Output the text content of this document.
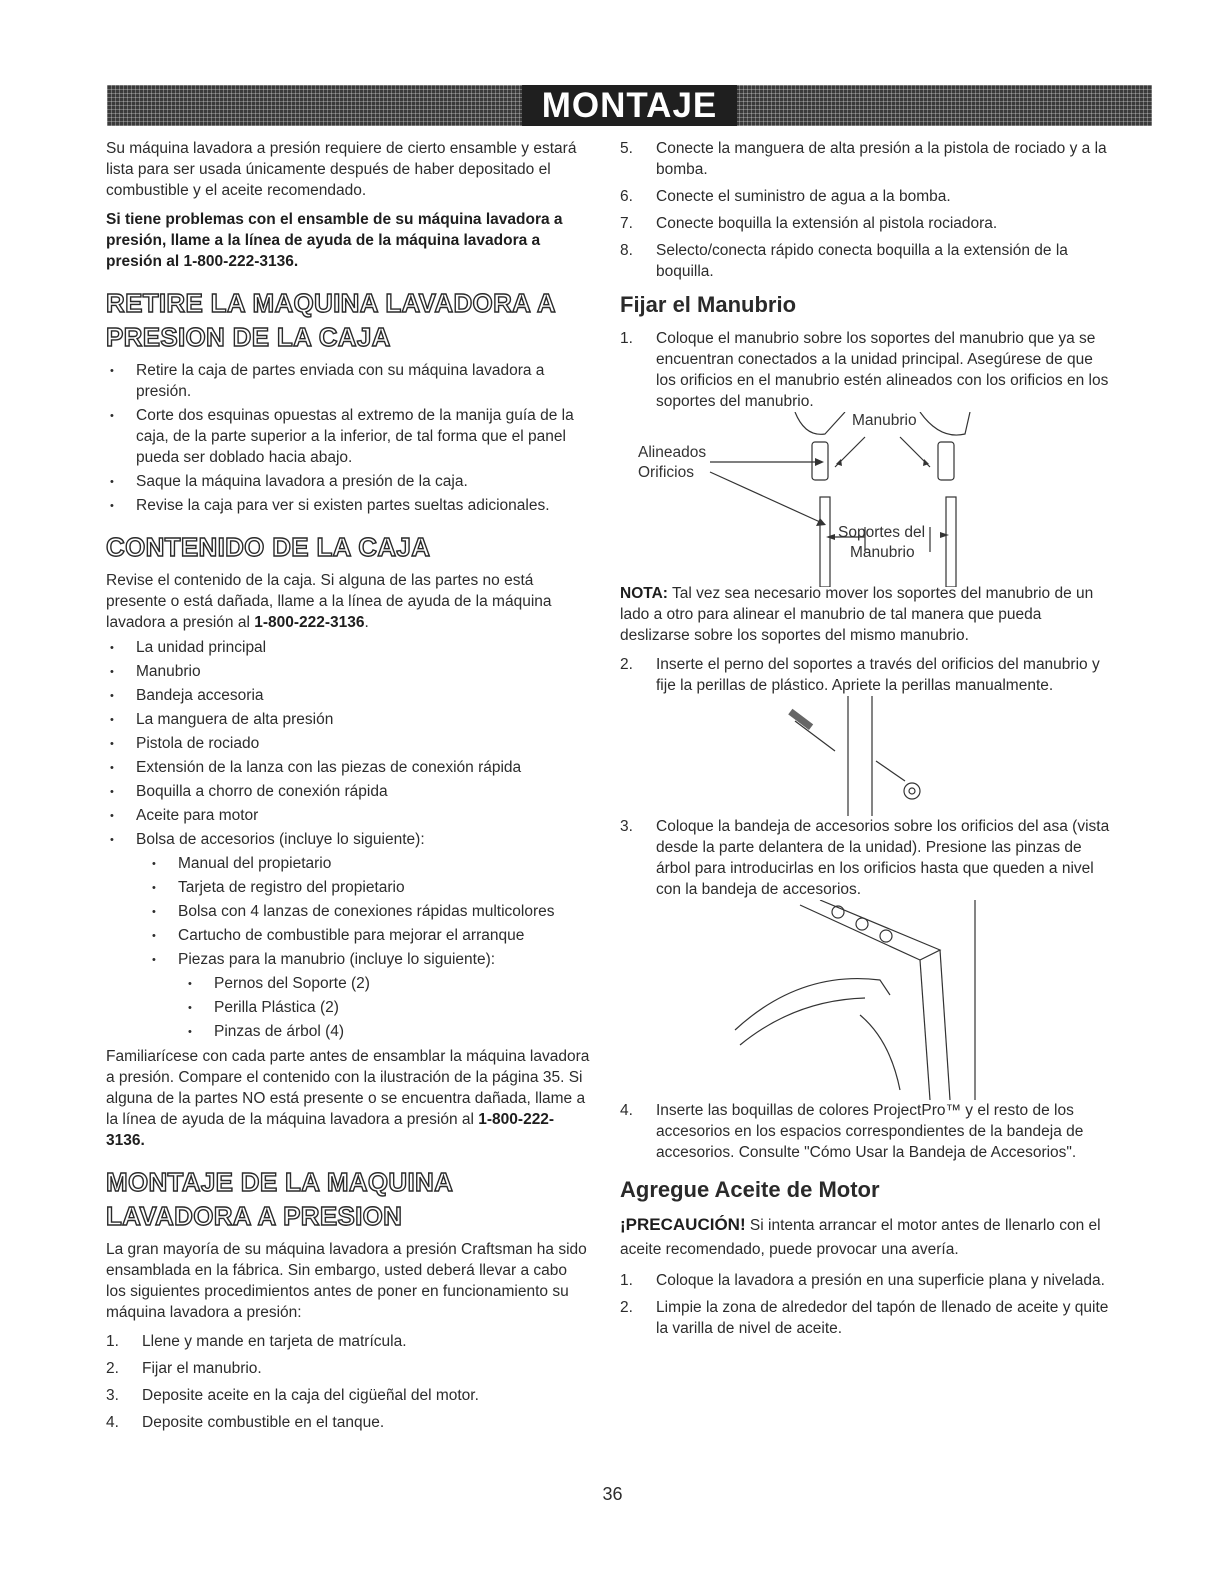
MONTAJE

Su máquina lavadora a presión requiere de cierto ensamble y estará lista para ser usada únicamente después de haber depositado el combustible y el aceite recomendado.

Si tiene problemas con el ensamble de su máquina lavadora a presión, llame a la línea de ayuda de la máquina lavadora a presión al 1-800-222-3136.

RETIRE LA MAQUINA LAVADORA A PRESION DE LA CAJA
• Retire la caja de partes enviada con su máquina lavadora a presión.
• Corte dos esquinas opuestas al extremo de la manija guía de la caja, de la parte superior a la inferior, de tal forma que el panel pueda ser doblado hacia abajo.
• Saque la máquina lavadora a presión de la caja.
• Revise la caja para ver si existen partes sueltas adicionales.
CONTENIDO DE LA CAJA

Revise el contenido de la caja. Si alguna de las partes no está presente o está dañada, llame a la línea de ayuda de la máquina lavadora a presión al 1-800-222-3136.

• La unidad principal
• Manubrio
• Bandeja accesoria
• La manguera de alta presión
• Pistola de rociado
• Extensión de la lanza con las piezas de conexión rápida
• Boquilla a chorro de conexión rápida
• Aceite para motor
• Bolsa de accesorios (incluye lo siguiente):
• Manual del propietario
• Tarjeta de registro del propietario
• Bolsa con 4 lanzas de conexiones rápidas multicolores
• Cartucho de combustible para mejorar el arranque
• Piezas para la manubrio (incluye lo siguiente):
• Pernos del Soporte (2)
• Perilla Plástica (2)
• Pinzas de árbol (4)

Familiarícese con cada parte antes de ensamblar la máquina lavadora a presión. Compare el contenido con la ilustración de la página 35. Si alguna de la partes NO está presente o se encuentra dañada, llame a la línea de ayuda de la máquina lavadora a presión al 1-800-222-3136.

MONTAJE DE LA MAQUINA LAVADORA A PRESION

La gran mayoría de su máquina lavadora a presión Craftsman ha sido ensamblada en la fábrica. Sin embargo, usted deberá llevar a cabo los siguientes procedimientos antes de poner en funcionamiento su máquina lavadora a presión:

1. Llene y mande en tarjeta de matrícula.
2. Fijar el manubrio.
3. Deposite aceite en la caja del cigüeñal del motor.
4. Deposite combustible en el tanque.
5. Conecte la manguera de alta presión a la pistola de rociado y a la bomba.
6. Conecte el suministro de agua a la bomba.
7. Conecte boquilla la extensión al pistola rociadora.
8. Selecto/conecta rápido conecta boquilla a la extensión de la boquilla.
Fijar el Manubrio
1. Coloque el manubrio sobre los soportes del manubrio que ya se encuentran conectados a la unidad principal. Asegúrese de que los orificios en el manubrio estén alineados con los orificios en los soportes del manubrio.
Manubrio
Alineados
Orificios
Soportes del
Manubrio

NOTA: Tal vez sea necesario mover los soportes del manubrio de un lado a otro para alinear el manubrio de tal manera que pueda deslizarse sobre los soportes del mismo manubrio.

2. Inserte el perno del soportes a través del orificios del manubrio y fije la perillas de plástico. Apriete la perillas manualmente.
3. Coloque la bandeja de accesorios sobre los orificios del asa (vista desde la parte delantera de la unidad). Presione las pinzas de árbol para introducirlas en los orificios hasta que queden a nivel con la bandeja de accesorios.
4. Inserte las boquillas de colores ProjectPro™ y el resto de los accesorios en los espacios correspondientes de la bandeja de accesorios. Consulte "Cómo Usar la Bandeja de Accesorios".
Agregue Aceite de Motor

¡PRECAUCIÓN! Si intenta arrancar el motor antes de llenarlo con el aceite recomendado, puede provocar una avería.

1. Coloque la lavadora a presión en una superficie plana y nivelada.
2. Limpie la zona de alrededor del tapón de llenado de aceite y quite la varilla de nivel de aceite.
36
